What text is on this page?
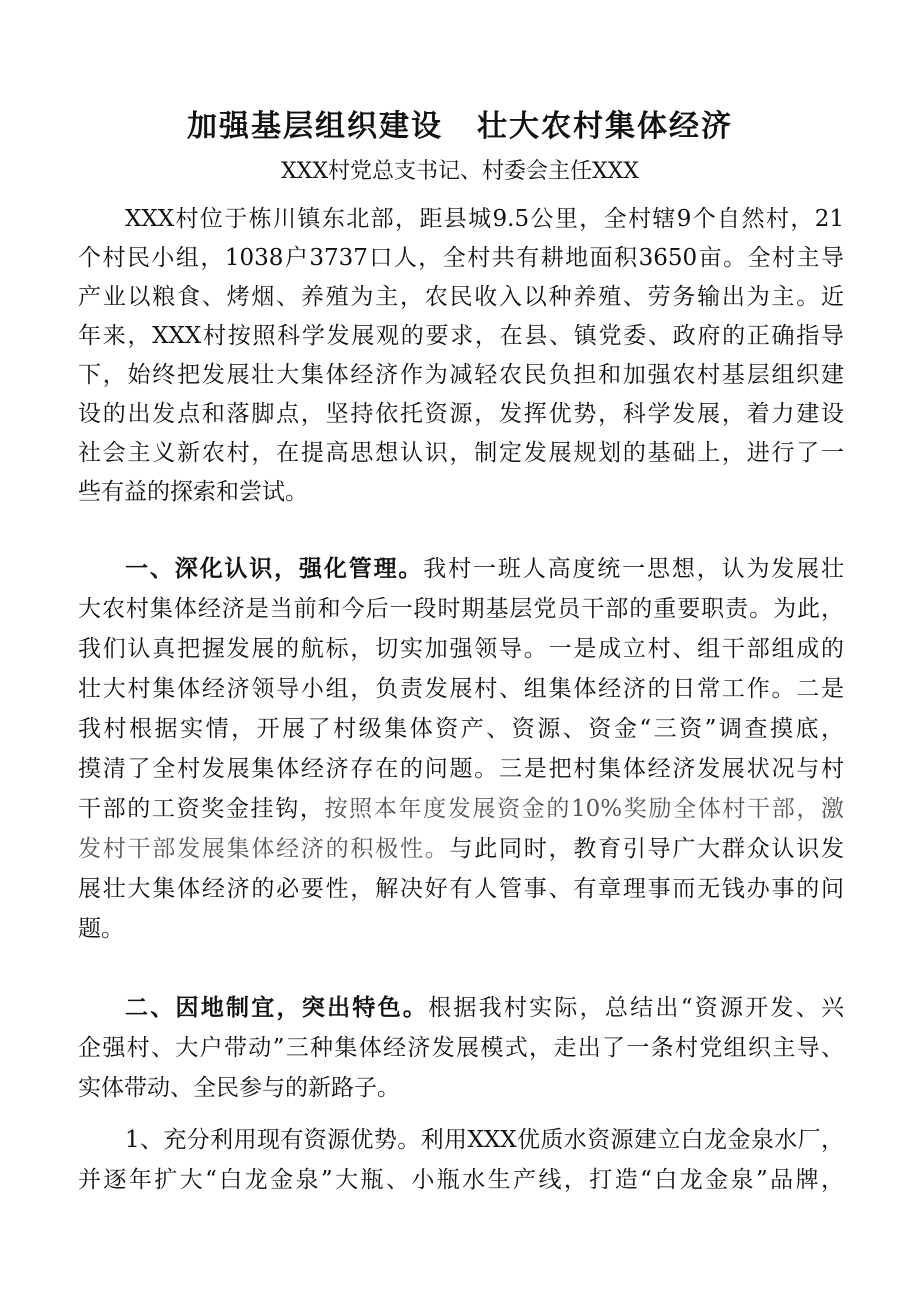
加强基层组织建设 壮大农村集体经济
XXX村党总支书记、村委会主任XXX
XXX村位于栋川镇东北部，距县城9.5公里，全村辖9个自然村，21
个村民小组，1038户3737口人，全村共有耕地面积3650亩。全村主导
产业以粮食、烤烟、养殖为主，农民收入以种养殖、劳务输出为主。近
年来，XXX村按照科学发展观的要求，在县、镇党委、政府的正确指导
下，始终把发展壮大集体经济作为减轻农民负担和加强农村基层组织建
设的出发点和落脚点，坚持依托资源，发挥优势，科学发展，着力建设
社会主义新农村，在提高思想认识，制定发展规划的基础上，进行了一
些有益的探索和尝试。
一、深化认识，强化管理。我村一班人高度统一思想，认为发展壮
大农村集体经济是当前和今后一段时期基层党员干部的重要职责。为此，
我们认真把握发展的航标，切实加强领导。一是成立村、组干部组成的
壮大村集体经济领导小组，负责发展村、组集体经济的日常工作。二是
我村根据实情，开展了村级集体资产、资源、资金“三资”调查摸底，
摸清了全村发展集体经济存在的问题。三是把村集体经济发展状况与村
干部的工资奖金挂钩，按照本年度发展资金的10%奖励全体村干部，激
发村干部发展集体经济的积极性。与此同时，教育引导广大群众认识发
展壮大集体经济的必要性，解决好有人管事、有章理事而无钱办事的问
题。
二、因地制宜，突出特色。根据我村实际，总结出“资源开发、兴
企强村、大户带动”三种集体经济发展模式，走出了一条村党组织主导、
实体带动、全民参与的新路子。
1、充分利用现有资源优势。利用XXX优质水资源建立白龙金泉水厂，
并逐年扩大“白龙金泉”大瓶、小瓶水生产线，打造“白龙金泉”品牌，
